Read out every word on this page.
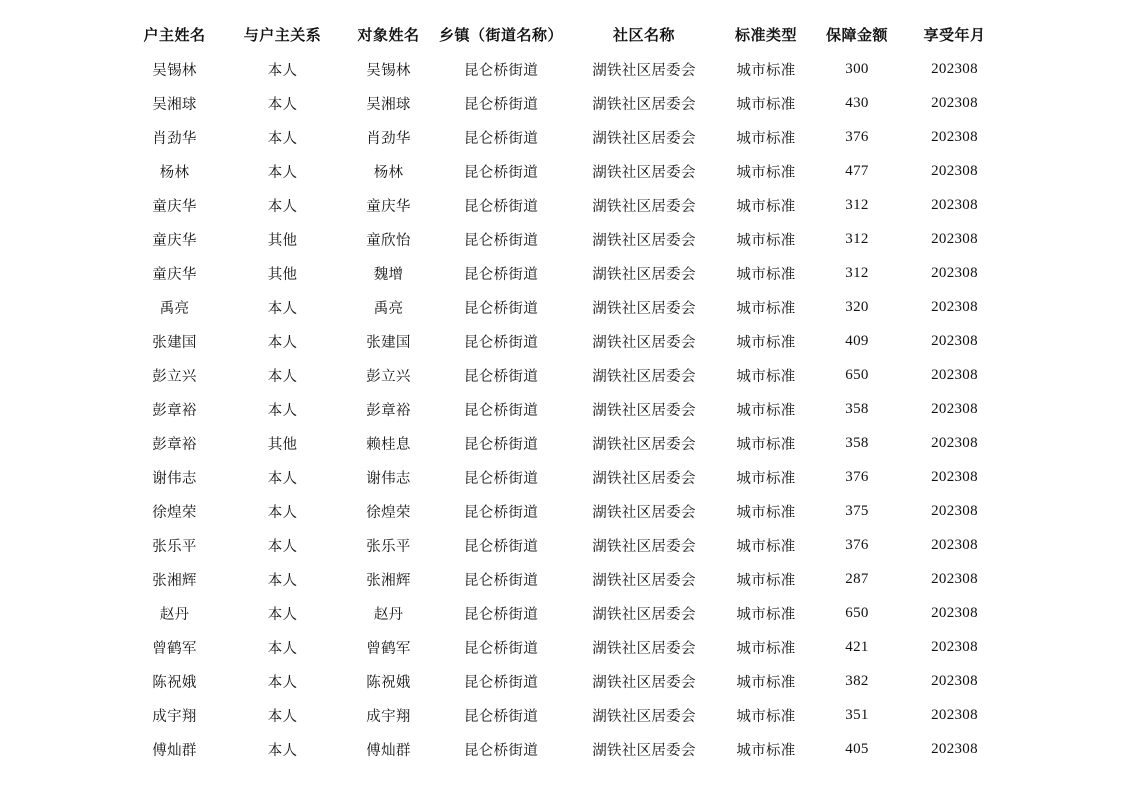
户主姓名	与户主关系	对象姓名	乡镇（街道名称）	社区名称	标准类型	保障金额	享受年月
吴锡林	本人	吴锡林	昆仑桥街道	湖铁社区居委会	城市标准	300	202308
吴湘球	本人	吴湘球	昆仑桥街道	湖铁社区居委会	城市标准	430	202308
肖劲华	本人	肖劲华	昆仑桥街道	湖铁社区居委会	城市标准	376	202308
杨林	本人	杨林	昆仑桥街道	湖铁社区居委会	城市标准	477	202308
童庆华	本人	童庆华	昆仑桥街道	湖铁社区居委会	城市标准	312	202308
童庆华	其他	童欣怡	昆仑桥街道	湖铁社区居委会	城市标准	312	202308
童庆华	其他	魏增	昆仑桥街道	湖铁社区居委会	城市标准	312	202308
禹亮	本人	禹亮	昆仑桥街道	湖铁社区居委会	城市标准	320	202308
张建国	本人	张建国	昆仑桥街道	湖铁社区居委会	城市标准	409	202308
彭立兴	本人	彭立兴	昆仑桥街道	湖铁社区居委会	城市标准	650	202308
彭章裕	本人	彭章裕	昆仑桥街道	湖铁社区居委会	城市标准	358	202308
彭章裕	其他	赖桂息	昆仑桥街道	湖铁社区居委会	城市标准	358	202308
谢伟志	本人	谢伟志	昆仑桥街道	湖铁社区居委会	城市标准	376	202308
徐煌荣	本人	徐煌荣	昆仑桥街道	湖铁社区居委会	城市标准	375	202308
张乐平	本人	张乐平	昆仑桥街道	湖铁社区居委会	城市标准	376	202308
张湘辉	本人	张湘辉	昆仑桥街道	湖铁社区居委会	城市标准	287	202308
赵丹	本人	赵丹	昆仑桥街道	湖铁社区居委会	城市标准	650	202308
曾鹤军	本人	曾鹤军	昆仑桥街道	湖铁社区居委会	城市标准	421	202308
陈祝娥	本人	陈祝娥	昆仑桥街道	湖铁社区居委会	城市标准	382	202308
成宇翔	本人	成宇翔	昆仑桥街道	湖铁社区居委会	城市标准	351	202308
傅灿群	本人	傅灿群	昆仑桥街道	湖铁社区居委会	城市标准	405	202308
